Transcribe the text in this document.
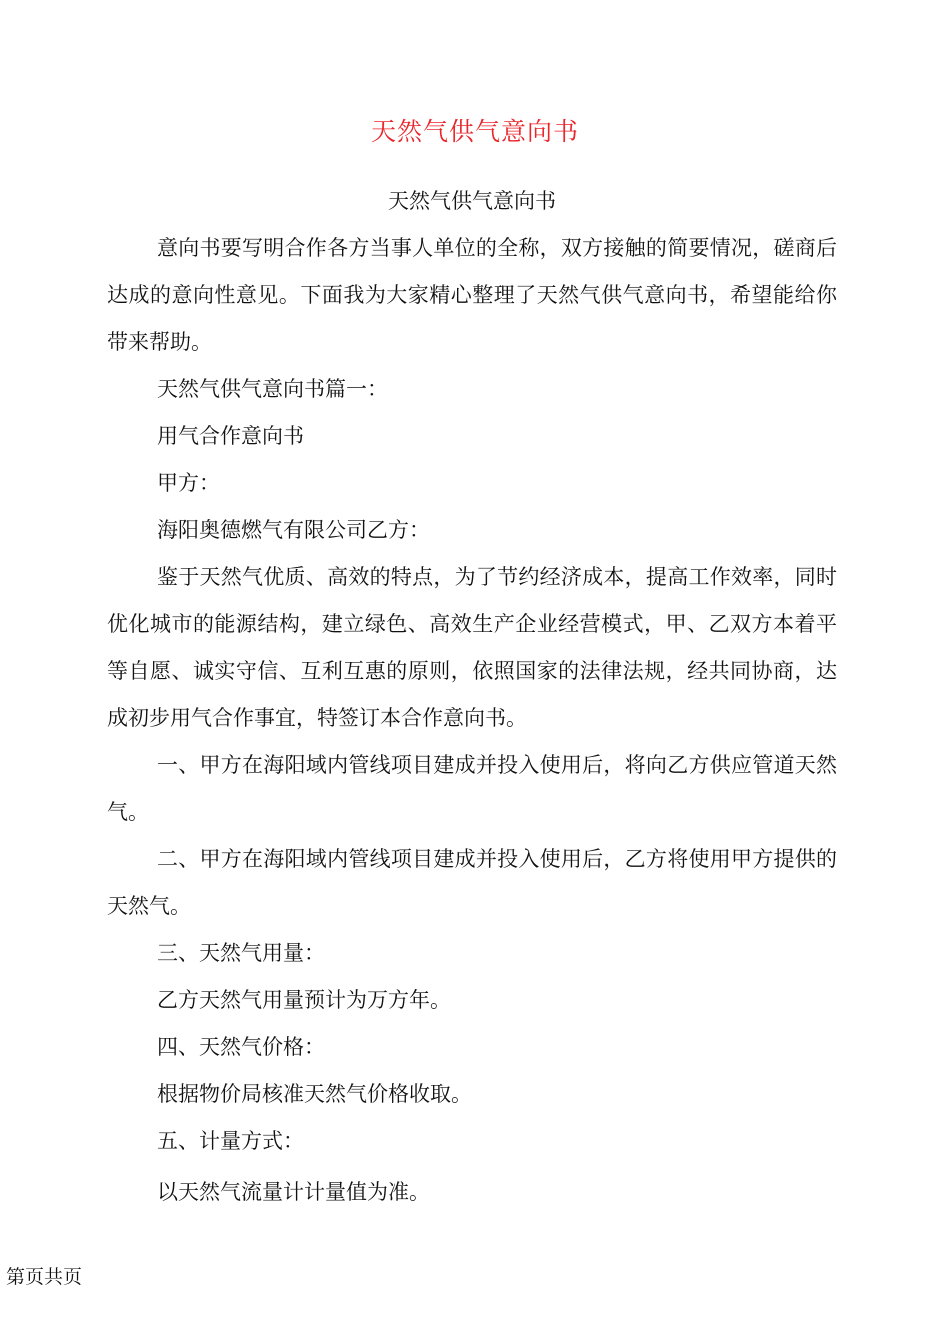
天然气供气意向书

天然气供气意向书

意向书要写明合作各方当事人单位的全称，双方接触的简要情况，磋商后达成的意向性意见。下面我为大家精心整理了天然气供气意向书，希望能给你带来帮助。

天然气供气意向书篇一：

用气合作意向书

甲方：

海阳奥德燃气有限公司乙方：

鉴于天然气优质、高效的特点，为了节约经济成本，提高工作效率，同时优化城市的能源结构，建立绿色、高效生产企业经营模式，甲、乙双方本着平等自愿、诚实守信、互利互惠的原则，依照国家的法律法规，经共同协商，达成初步用气合作事宜，特签订本合作意向书。

一、甲方在海阳域内管线项目建成并投入使用后，将向乙方供应管道天然气。

二、甲方在海阳域内管线项目建成并投入使用后，乙方将使用甲方提供的天然气。

三、天然气用量：

乙方天然气用量预计为万方年。

四、天然气价格：

根据物价局核准天然气价格收取。

五、计量方式：

以天然气流量计计量值为准。

第页共页
